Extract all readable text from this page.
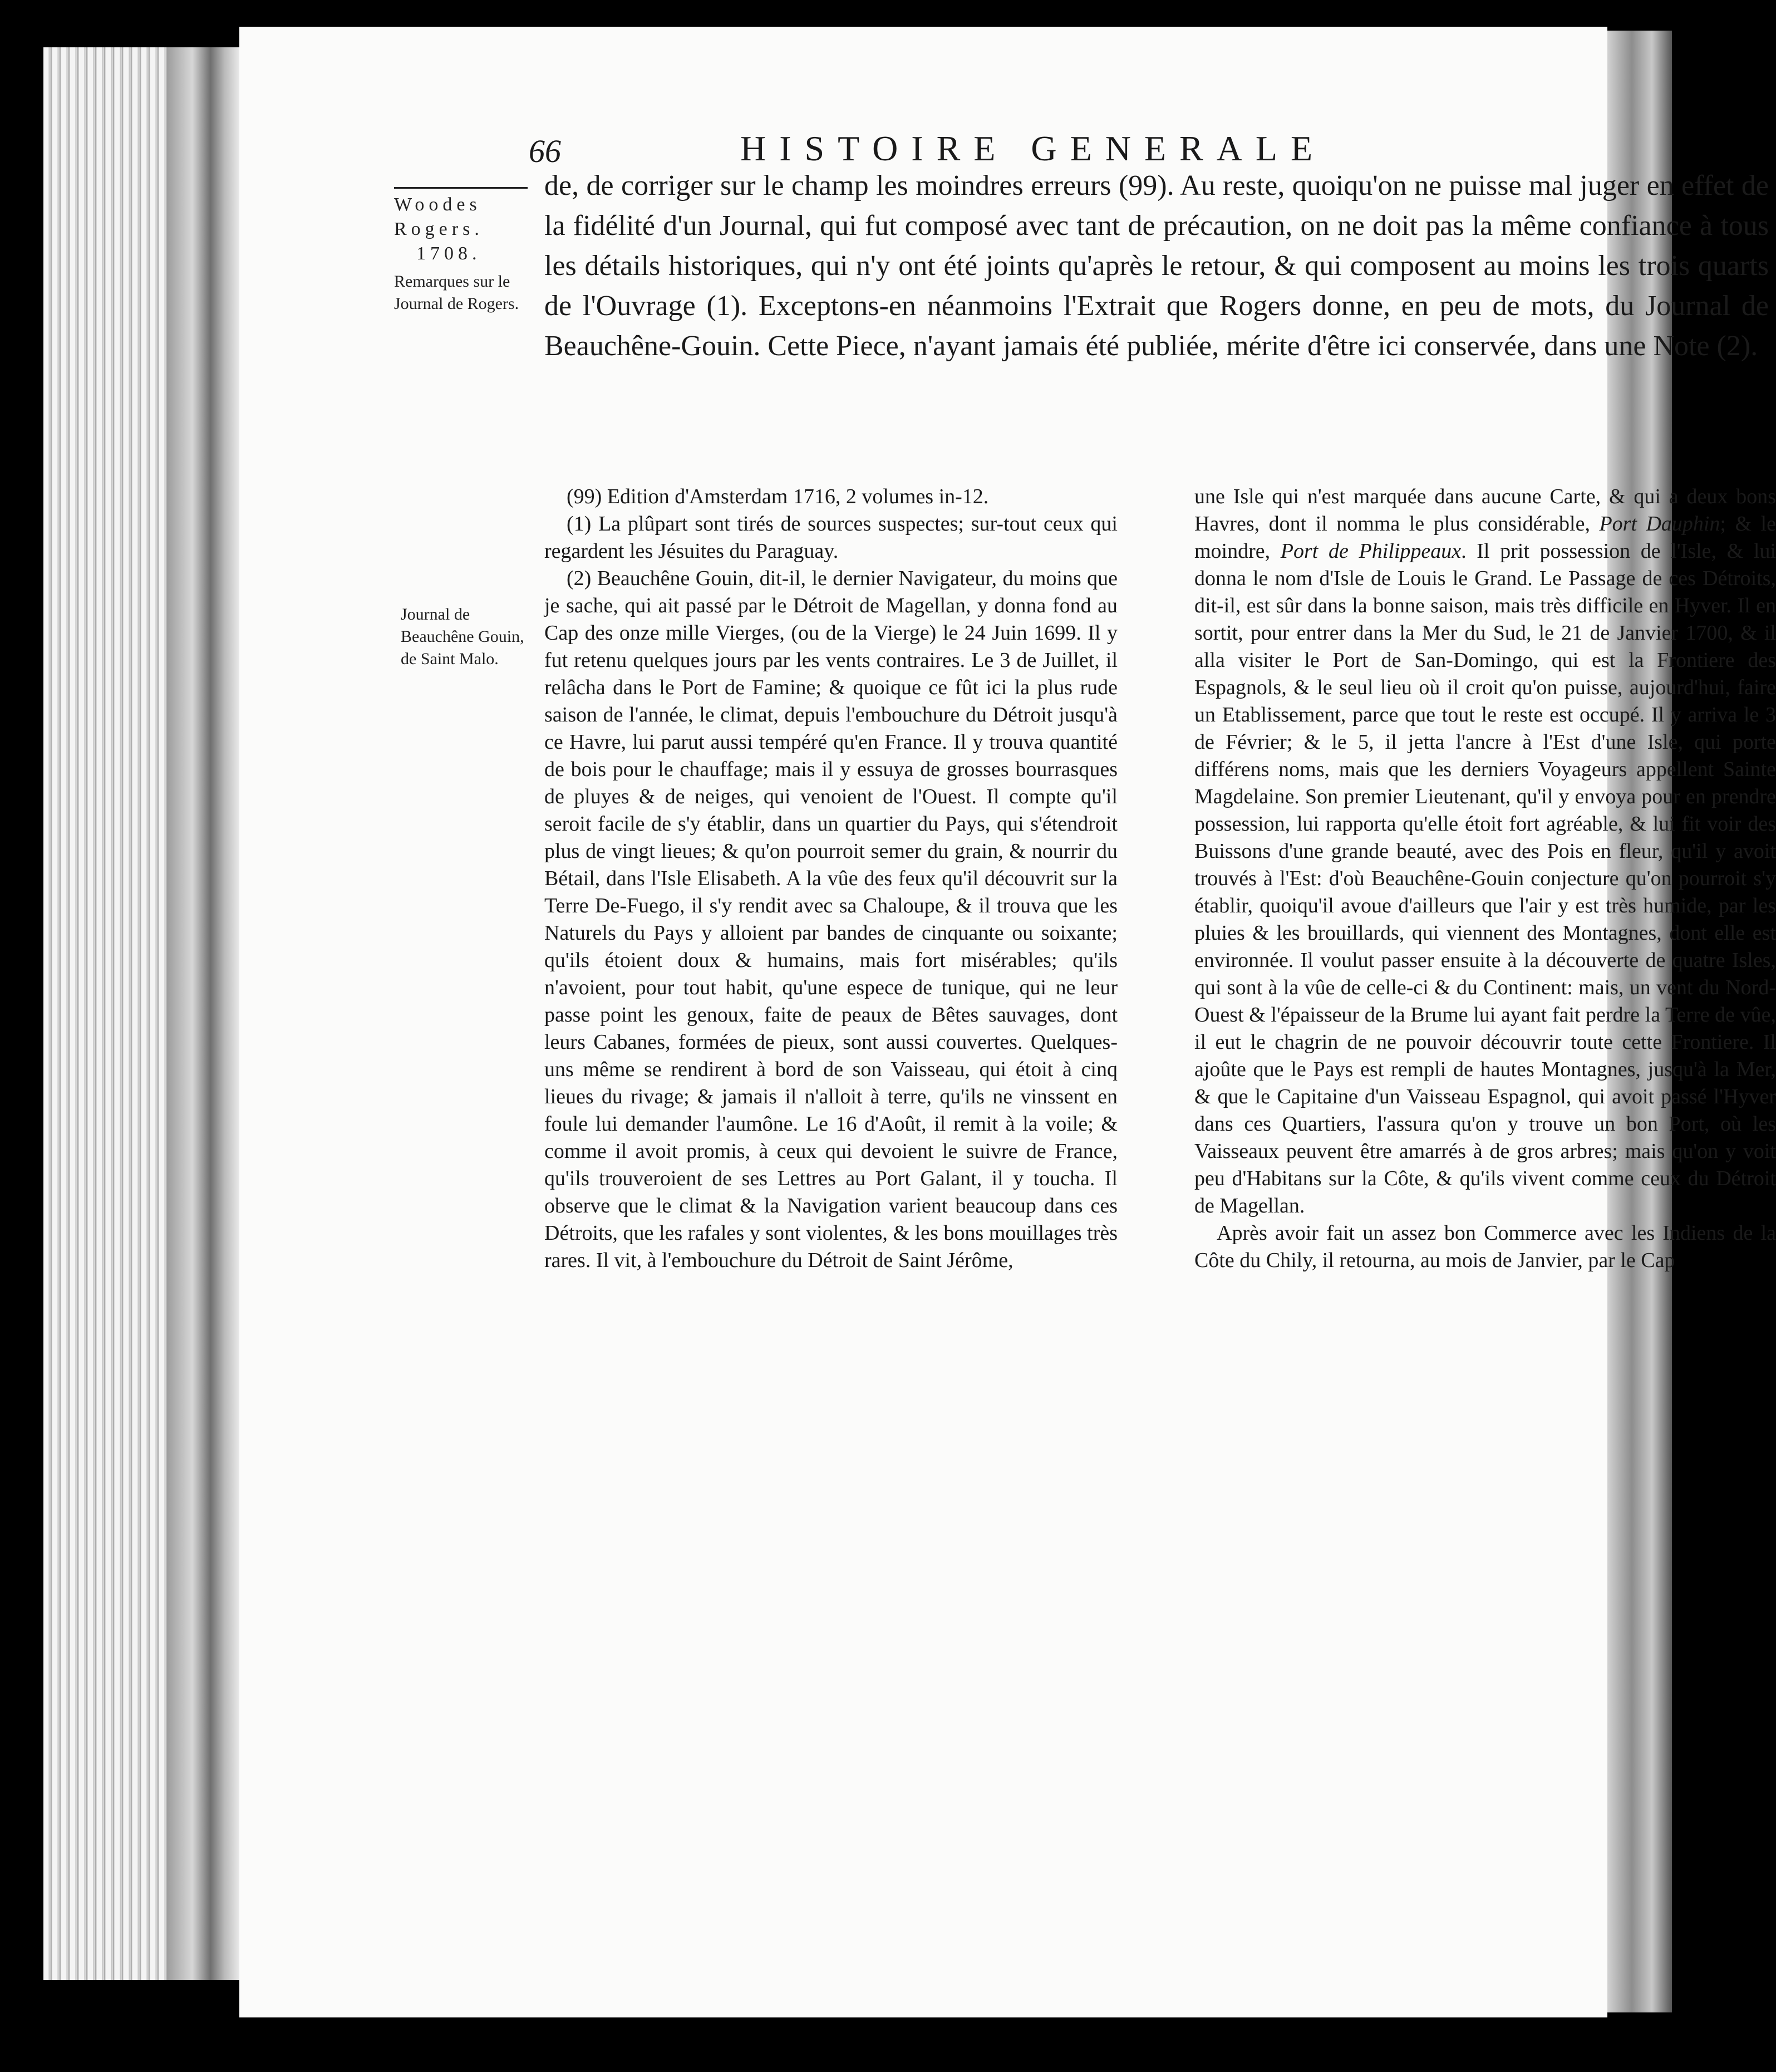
66	HISTOIRE GENERALE
Woodes
Rogers.
1708.
Remarques sur le Journal de Rogers.
Journal de Beauchêne Gouin, de Saint Malo.

de, de corriger sur le champ les moindres erreurs (99). Au reste, quoiqu'on ne puisse mal juger en effet de la fidélité d'un Journal, qui fut composé avec tant de précaution, on ne doit pas la même confiance à tous les détails historiques, qui n'y ont été joints qu'après le retour, & qui composent au moins les trois quarts de l'Ouvrage (1). Exceptons-en néanmoins l'Extrait que Rogers donne, en peu de mots, du Journal de Beauchêne-Gouin. Cette Piece, n'ayant jamais été publiée, mérite d'être ici conservée, dans une Note (2).

(99) Edition d'Amsterdam 1716, 2 volumes in-12.

(1) La plûpart sont tirés de sources suspectes; sur-tout ceux qui regardent les Jésuites du Paraguay.

(2) Beauchêne Gouin, dit-il, le dernier Navigateur, du moins que je sache, qui ait passé par le Détroit de Magellan, y donna fond au Cap des onze mille Vierges, (ou de la Vierge) le 24 Juin 1699. Il y fut retenu quelques jours par les vents contraires. Le 3 de Juillet, il relâcha dans le Port de Famine; & quoique ce fût ici la plus rude saison de l'année, le climat, depuis l'embouchure du Détroit jusqu'à ce Havre, lui parut aussi tempéré qu'en France. Il y trouva quantité de bois pour le chauffage; mais il y essuya de grosses bourrasques de pluyes & de neiges, qui venoient de l'Ouest. Il compte qu'il seroit facile de s'y établir, dans un quartier du Pays, qui s'étendroit plus de vingt lieues; & qu'on pourroit semer du grain, & nourrir du Bétail, dans l'Isle Elisabeth. A la vûe des feux qu'il découvrit sur la Terre De-Fuego, il s'y rendit avec sa Chaloupe, & il trouva que les Naturels du Pays y alloient par bandes de cinquante ou soixante; qu'ils étoient doux & humains, mais fort misérables; qu'ils n'avoient, pour tout habit, qu'une espece de tunique, qui ne leur passe point les genoux, faite de peaux de Bêtes sauvages, dont leurs Cabanes, formées de pieux, sont aussi couvertes. Quelques-uns même se rendirent à bord de son Vaisseau, qui étoit à cinq lieues du rivage; & jamais il n'alloit à terre, qu'ils ne vinssent en foule lui demander l'aumône. Le 16 d'Août, il remit à la voile; & comme il avoit promis, à ceux qui devoient le suivre de France, qu'ils trouveroient de ses Lettres au Port Galant, il y toucha. Il observe que le climat & la Navigation varient beaucoup dans ces Détroits, que les rafales y sont violentes, & les bons mouillages très rares. Il vit, à l'embouchure du Détroit de Saint Jérôme,

une Isle qui n'est marquée dans aucune Carte, & qui a deux bons Havres, dont il nomma le plus considérable, Port Dauphin; & le moindre, Port de Philippeaux. Il prit possession de l'Isle, & lui donna le nom d'Isle de Louis le Grand. Le Passage de ces Détroits, dit-il, est sûr dans la bonne saison, mais très difficile en Hyver. Il en sortit, pour entrer dans la Mer du Sud, le 21 de Janvier 1700, & il alla visiter le Port de San-Domingo, qui est la Frontiere des Espagnols, & le seul lieu où il croit qu'on puisse, aujourd'hui, faire un Etablissement, parce que tout le reste est occupé. Il y arriva le 3 de Février; & le 5, il jetta l'ancre à l'Est d'une Isle, qui porte différens noms, mais que les derniers Voyageurs appellent Sainte Magdelaine. Son premier Lieutenant, qu'il y envoya pour en prendre possession, lui rapporta qu'elle étoit fort agréable, & lui fit voir des Buissons d'une grande beauté, avec des Pois en fleur, qu'il y avoit trouvés à l'Est: d'où Beauchêne-Gouin conjecture qu'on pourroit s'y établir, quoiqu'il avoue d'ailleurs que l'air y est très humide, par les pluies & les brouillards, qui viennent des Montagnes, dont elle est environnée. Il voulut passer ensuite à la découverte de quatre Isles, qui sont à la vûe de celle-ci & du Continent: mais, un vent du Nord-Ouest & l'épaisseur de la Brume lui ayant fait perdre la Terre de vûe, il eut le chagrin de ne pouvoir découvrir toute cette Frontiere. Il ajoûte que le Pays est rempli de hautes Montagnes, jusqu'à la Mer, & que le Capitaine d'un Vaisseau Espagnol, qui avoit passé l'Hyver dans ces Quartiers, l'assura qu'on y trouve un bon Port, où les Vaisseaux peuvent être amarrés à de gros arbres; mais qu'on y voit peu d'Habitans sur la Côte, & qu'ils vivent comme ceux du Détroit de Magellan.

Après avoir fait un assez bon Commerce avec les Indiens de la Côte du Chily, il retourna, au mois de Janvier, par le Cap
